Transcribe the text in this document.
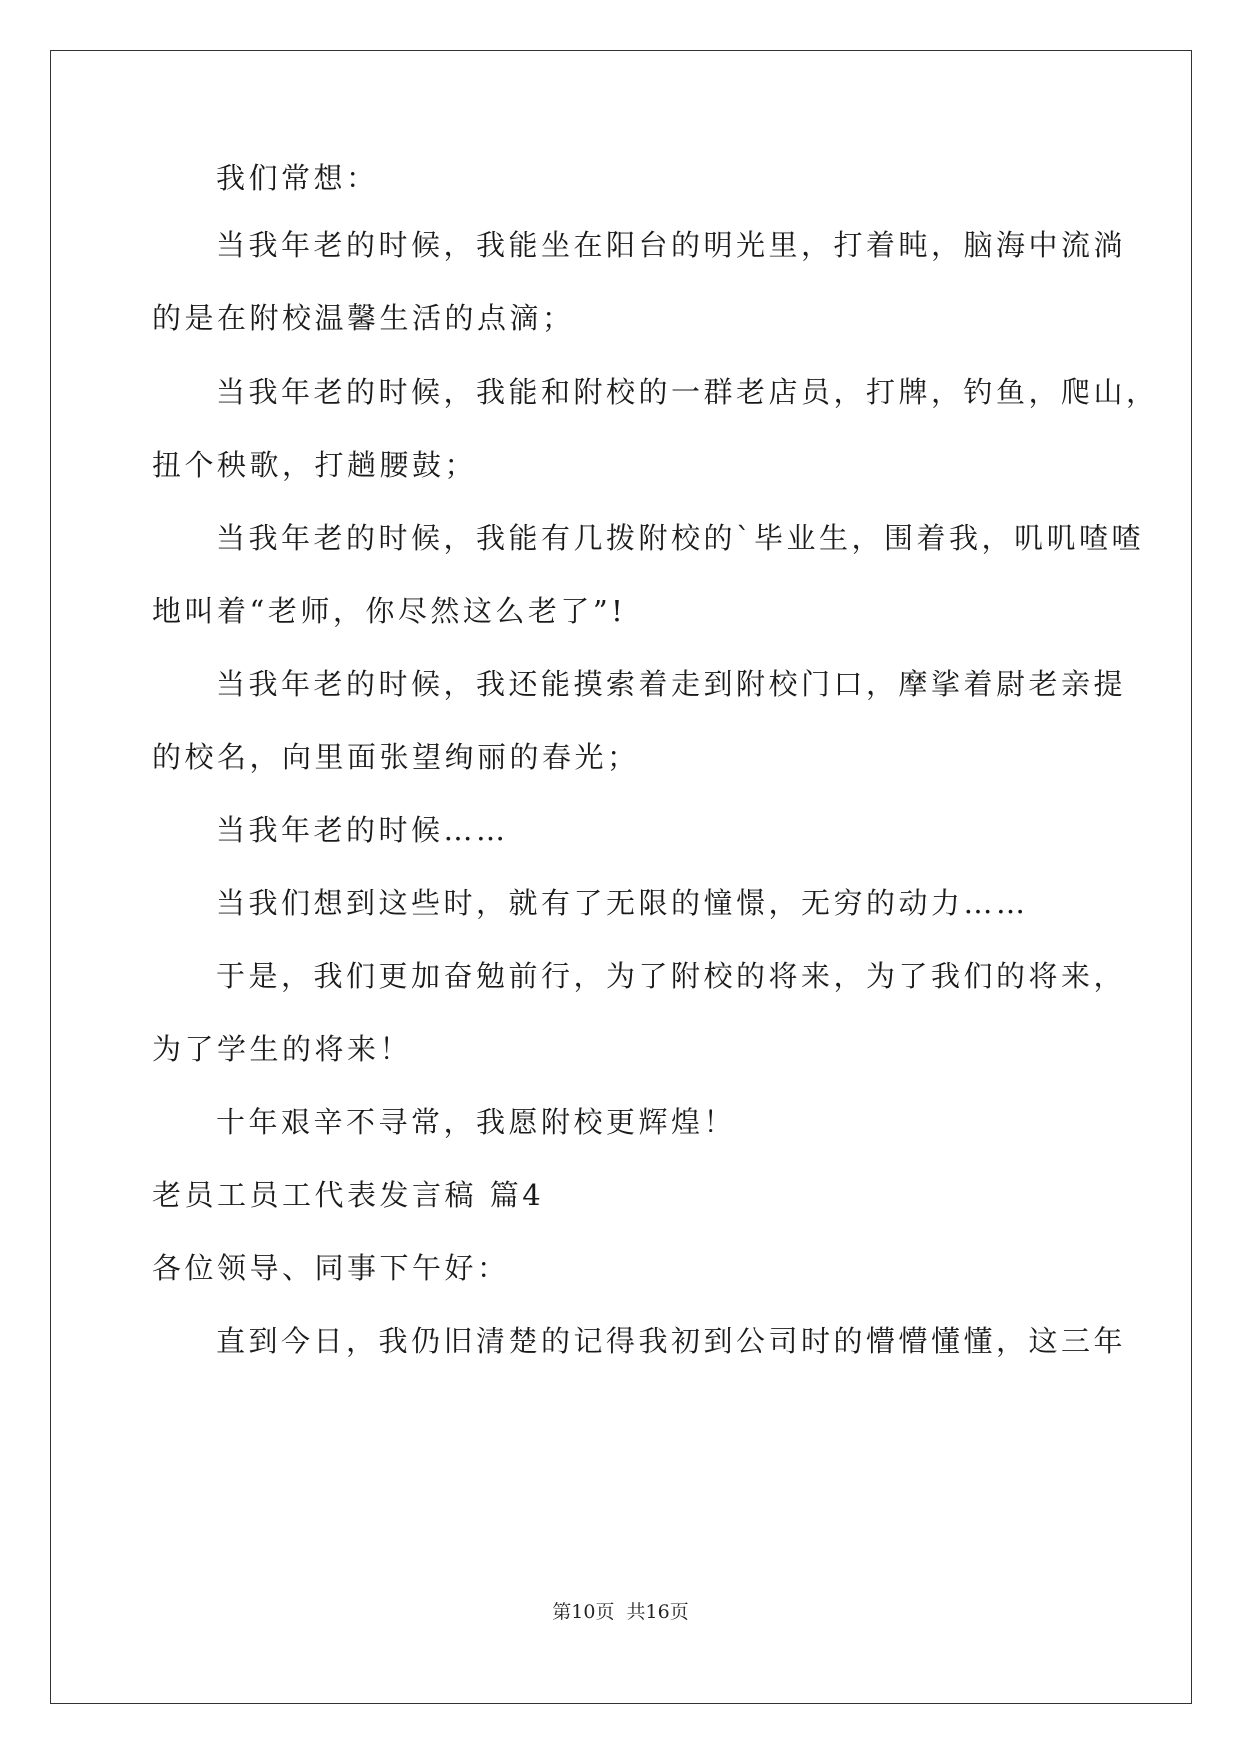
我们常想：
当我年老的时候，我能坐在阳台的明光里，打着盹，脑海中流淌
的是在附校温馨生活的点滴；
当我年老的时候，我能和附校的一群老店员，打牌，钓鱼，爬山，
扭个秧歌，打趟腰鼓；
当我年老的时候，我能有几拨附校的`毕业生，围着我，叽叽喳喳
地叫着“老师，你尽然这么老了”!
当我年老的时候，我还能摸索着走到附校门口，摩挲着尉老亲提
的校名，向里面张望绚丽的春光；
当我年老的时候……
当我们想到这些时，就有了无限的憧憬，无穷的动力……
于是，我们更加奋勉前行，为了附校的将来，为了我们的将来，
为了学生的将来！
十年艰辛不寻常，我愿附校更辉煌！
老员工员工代表发言稿 篇4
各位领导、同事下午好：
直到今日，我仍旧清楚的记得我初到公司时的懵懵懂懂，这三年
第10页 共16页
